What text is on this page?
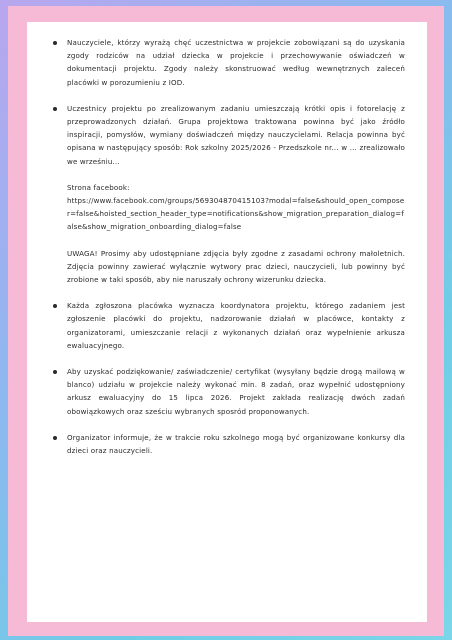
Nauczyciele, którzy wyrażą chęć uczestnictwa w projekcie zobowiązani są do uzyskania zgody rodziców na udział dziecka w projekcie i przechowywanie oświadczeń w dokumentacji projektu. Zgody należy skonstruować według wewnętrznych zaleceń placówki w porozumieniu z IOD.
Uczestnicy projektu po zrealizowanym zadaniu umieszczają krótki opis i fotorelację z przeprowadzonych działań. Grupa projektowa traktowana powinna być jako źródło inspiracji, pomysłów, wymiany doświadczeń między nauczycielami. Relacja powinna być opisana w następujący sposób: Rok szkolny 2025/2026 - Przedszkole nr... w ... zrealizowało we wrześniu...

Strona facebook:

https://www.facebook.com/groups/569304870415103?modal=false&should_open_composer=false&hoisted_section_header_type=notifications&show_migration_preparation_dialog=false&show_migration_onboarding_dialog=false

UWAGA! Prosimy aby udostępniane zdjęcia były zgodne z zasadami ochrony małoletnich. Zdjęcia powinny zawierać wyłącznie wytwory prac dzieci, nauczycieli, lub powinny być zrobione w taki sposób, aby nie naruszały ochrony wizerunku dziecka.
Każda zgłoszona placówka wyznacza koordynatora projektu, którego zadaniem jest zgłoszenie placówki do projektu, nadzorowanie działań w placówce, kontakty z organizatorami, umieszczanie relacji z wykonanych działań oraz wypełnienie arkusza ewaluacyjnego.
Aby uzyskać podziękowanie/ zaświadczenie/ certyfikat (wysyłany będzie drogą mailową w blanco) udziału w projekcie należy wykonać min. 8 zadań, oraz wypełnić udostępniony arkusz ewaluacyjny do 15 lipca 2026. Projekt zakłada realizację dwóch zadań obowiązkowych oraz sześciu wybranych sposród proponowanych.
Organizator informuje, że w trakcie roku szkolnego mogą być organizowane konkursy dla dzieci oraz nauczycieli.
